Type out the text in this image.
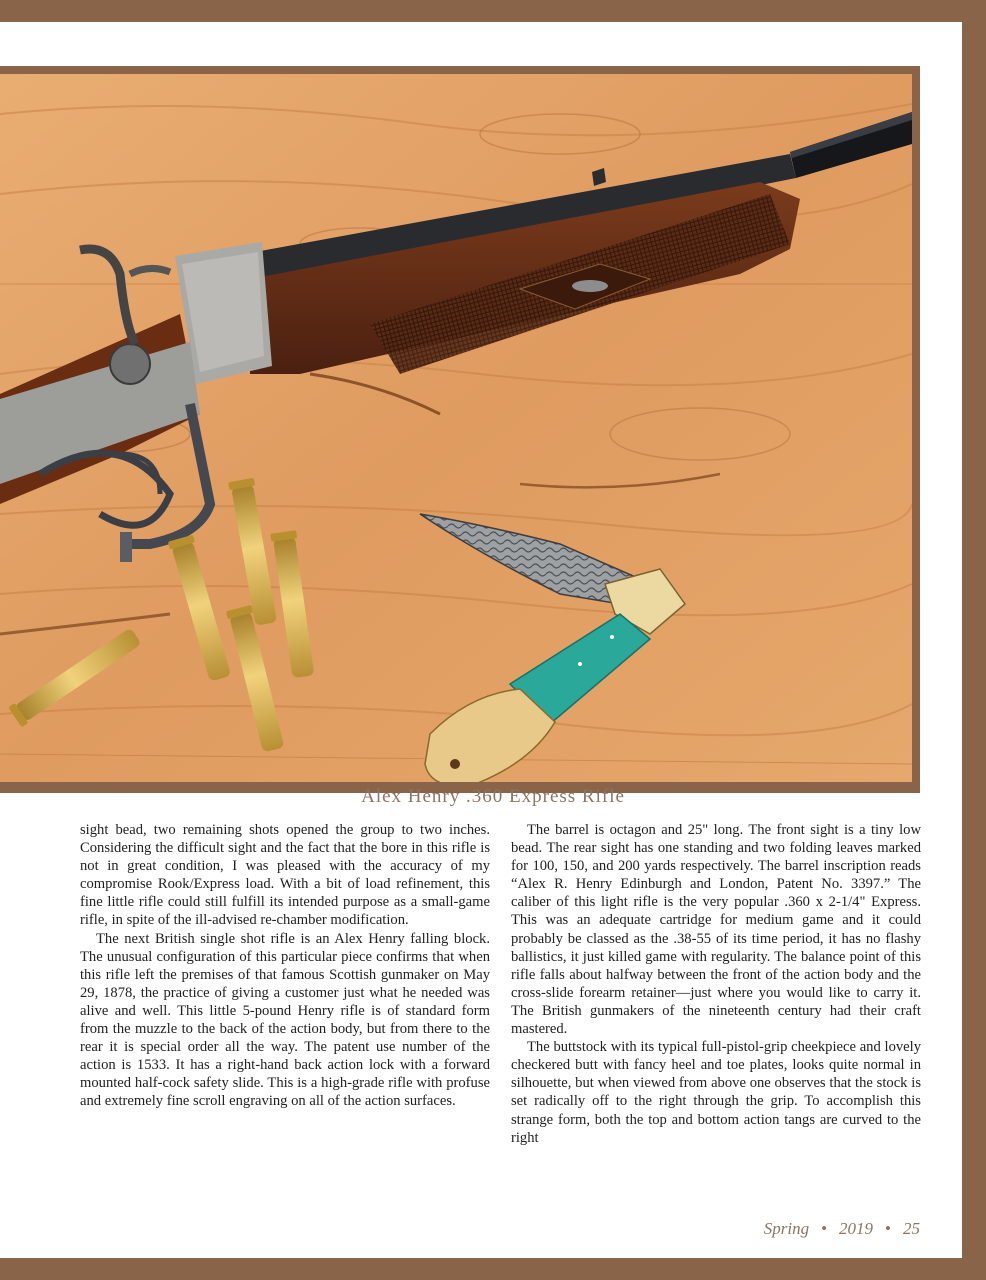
Alex Henry .360 Express Rifle

sight bead, two remaining shots opened the group to two inches. Considering the difficult sight and the fact that the bore in this rifle is not in great condition, I was pleased with the accuracy of my compromise Rook/Express load. With a bit of load refinement, this fine little rifle could still fulfill its intended purpose as a small-game rifle, in spite of the ill-advised re-chamber modification.

The next British single shot rifle is an Alex Henry falling block. The unusual configuration of this particular piece confirms that when this rifle left the premises of that famous Scottish gunmaker on May 29, 1878, the practice of giving a customer just what he needed was alive and well. This little 5-pound Henry rifle is of standard form from the muzzle to the back of the action body, but from there to the rear it is special order all the way. The patent use number of the action is 1533. It has a right-hand back action lock with a forward mounted half-cock safety slide. This is a high-grade rifle with profuse and extremely fine scroll engraving on all of the action surfaces.

The barrel is octagon and 25" long. The front sight is a tiny low bead. The rear sight has one standing and two folding leaves marked for 100, 150, and 200 yards respectively. The barrel inscription reads “Alex R. Henry Edinburgh and London, Patent No. 3397.” The caliber of this light rifle is the very popular .360 x 2-1/4" Express. This was an adequate cartridge for medium game and it could probably be classed as the .38-55 of its time period, it has no flashy ballistics, it just killed game with regularity. The balance point of this rifle falls about halfway between the front of the action body and the cross-slide forearm retainer—just where you would like to carry it. The British gunmakers of the nineteenth century had their craft mastered.

The buttstock with its typical full-pistol-grip cheekpiece and lovely checkered butt with fancy heel and toe plates, looks quite normal in silhouette, but when viewed from above one observes that the stock is set radically off to the right through the grip. To accomplish this strange form, both the top and bottom action tangs are curved to the right

Spring • 2019 • 25
